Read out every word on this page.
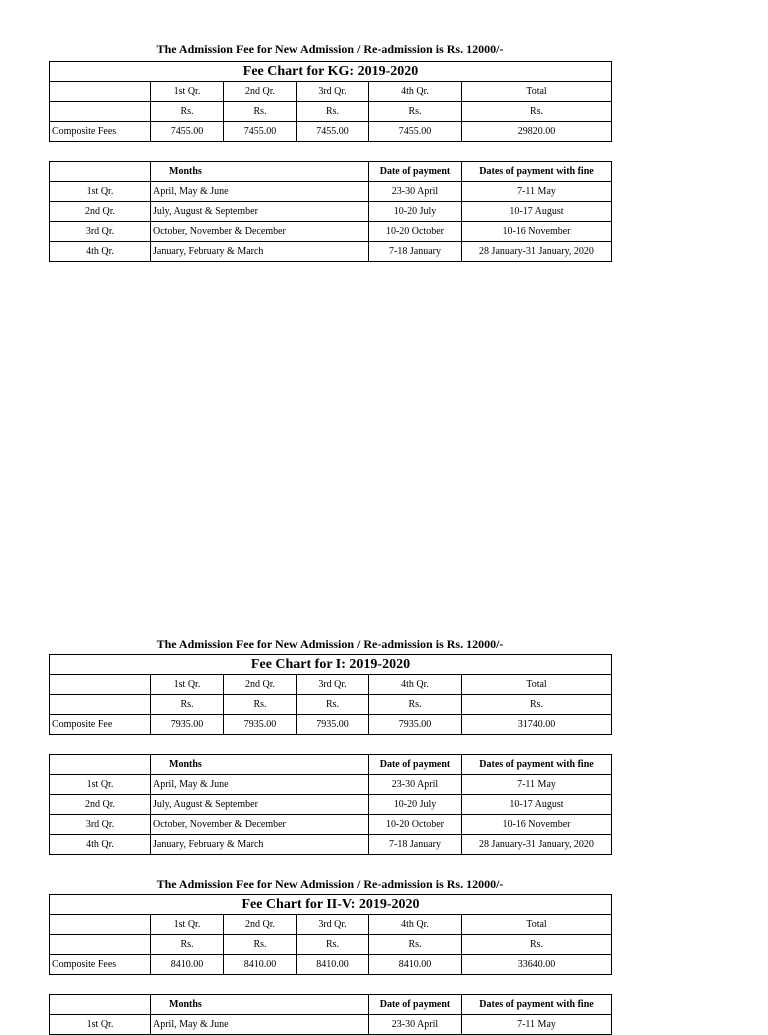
The Admission Fee for New Admission / Re-admission is Rs. 12000/-
Fee Chart for KG: 2019-2020					
	1st Qr.	2nd Qr.	3rd Qr.	4th Qr.	Total
	Rs.	Rs.	Rs.	Rs.	Rs.
Composite Fees	7455.00	7455.00	7455.00	7455.00	29820.00
	Months	Date of payment	Dates of payment with fine
1st Qr.	April, May & June	23-30 April	7-11 May
2nd Qr.	July, August & September	10-20 July	10-17 August
3rd Qr.	October, November & December	10-20 October	10-16 November
4th Qr.	January, February & March	7-18 January	28 January-31 January, 2020
The Admission Fee for New Admission / Re-admission is Rs. 12000/-
Fee Chart for I: 2019-2020					
	1st Qr.	2nd Qr.	3rd Qr.	4th Qr.	Total
	Rs.	Rs.	Rs.	Rs.	Rs.
Composite Fee	7935.00	7935.00	7935.00	7935.00	31740.00
	Months	Date of payment	Dates of payment with fine
1st Qr.	April, May & June	23-30 April	7-11 May
2nd Qr.	July, August & September	10-20 July	10-17 August
3rd Qr.	October, November & December	10-20 October	10-16 November
4th Qr.	January, February & March	7-18 January	28 January-31 January, 2020
The Admission Fee for New Admission / Re-admission is Rs. 12000/-
Fee Chart for II-V: 2019-2020					
	1st Qr.	2nd Qr.	3rd Qr.	4th Qr.	Total
	Rs.	Rs.	Rs.	Rs.	Rs.
Composite Fees	8410.00	8410.00	8410.00	8410.00	33640.00
	Months	Date of payment	Dates of payment with fine
1st Qr.	April, May & June	23-30 April	7-11 May
